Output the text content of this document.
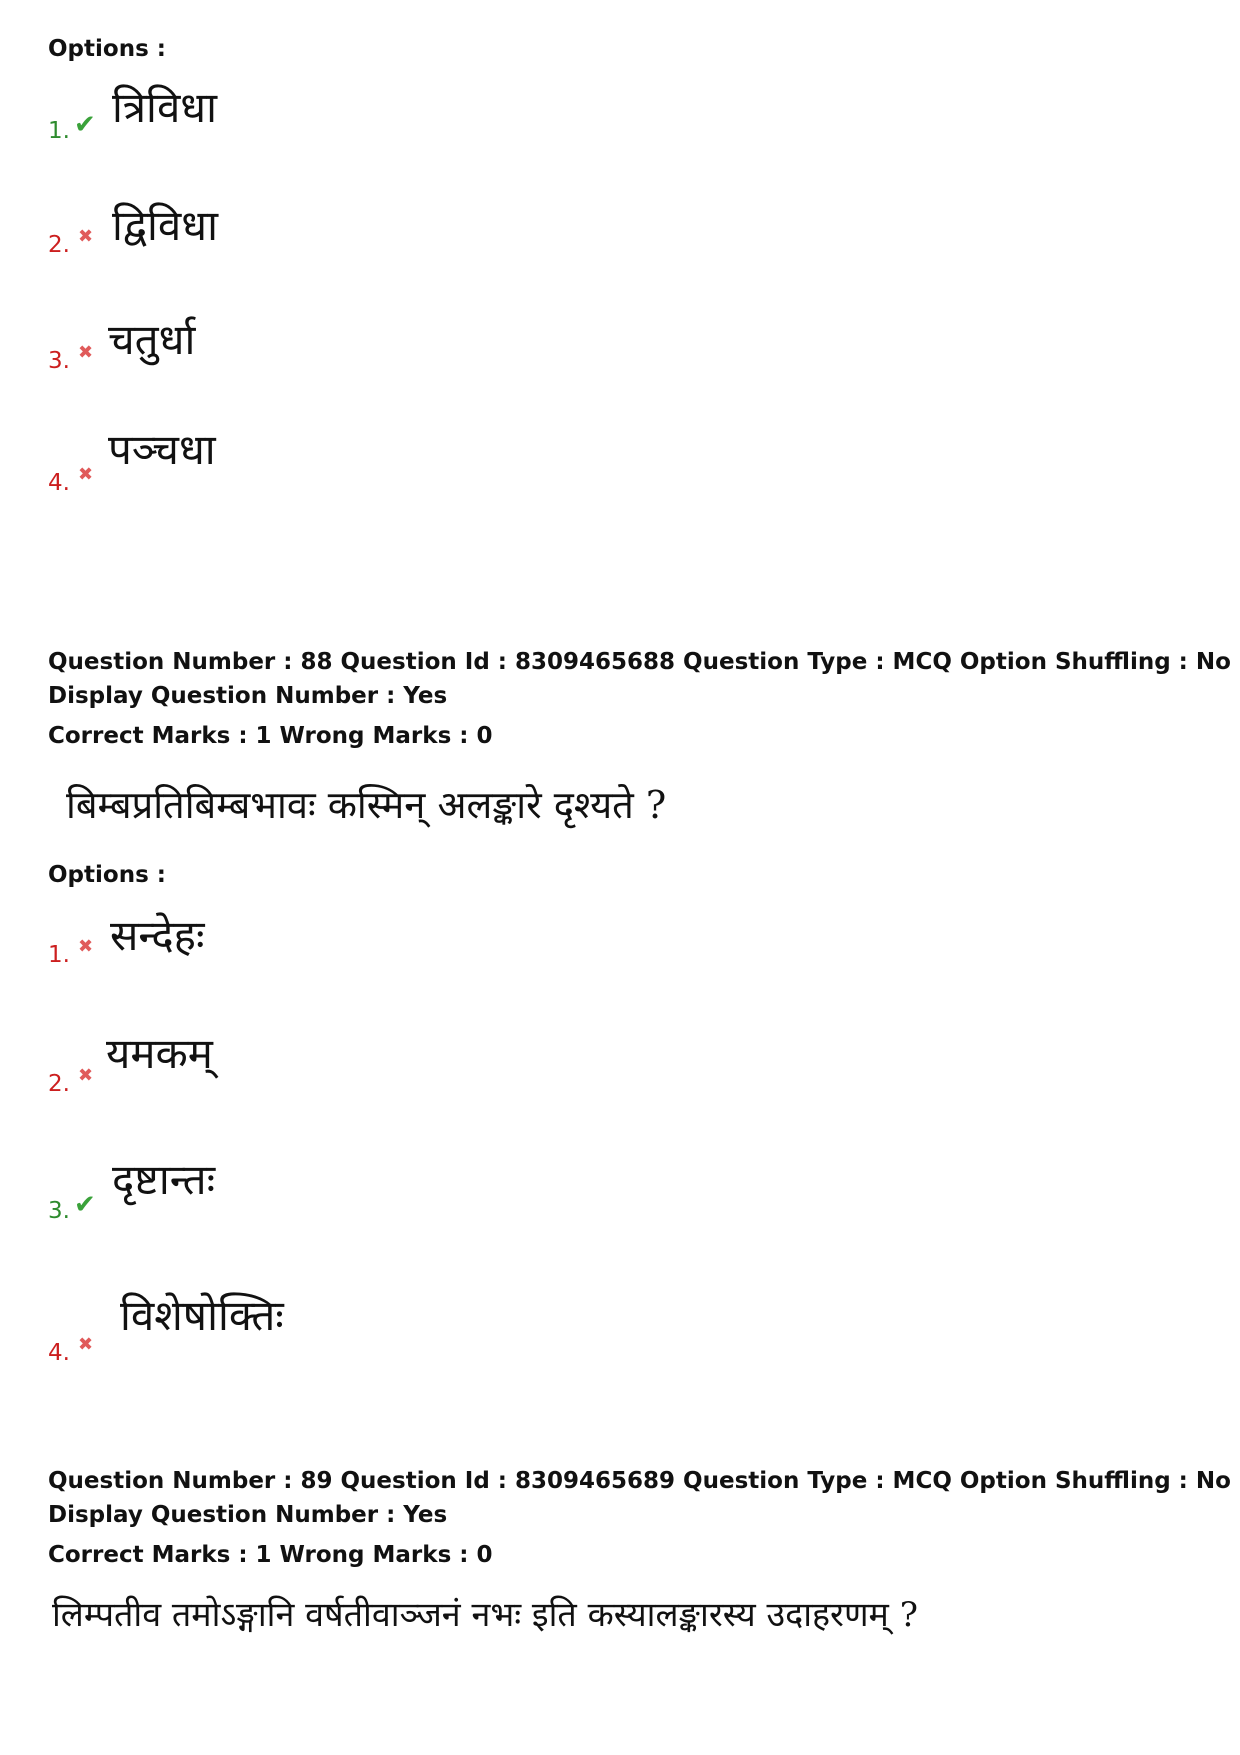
Options :
1. ✔ त्रिविधा
2. ✖ द्विविधा
3. ✖ चतुर्धा
4. ✖
पञ्चधा
Question Number : 88 Question Id : 8309465688 Question Type : MCQ Option Shuffling : No
Display Question Number : Yes
Correct Marks : 1 Wrong Marks : 0
बिम्बप्रतिबिम्बभावः कस्मिन् अलङ्कारे दृश्यते ?
Options :
1. ✖ सन्देहः
2. ✖ यमकम्
3. ✔
दृष्टान्तः
4. ✖
विशेषोक्तिः
Question Number : 89 Question Id : 8309465689 Question Type : MCQ Option Shuffling : No
Display Question Number : Yes
Correct Marks : 1 Wrong Marks : 0
लिम्पतीव तमोऽङ्गानि वर्षतीवाञ्जनं नभः इति कस्यालङ्कारस्य उदाहरणम् ?
